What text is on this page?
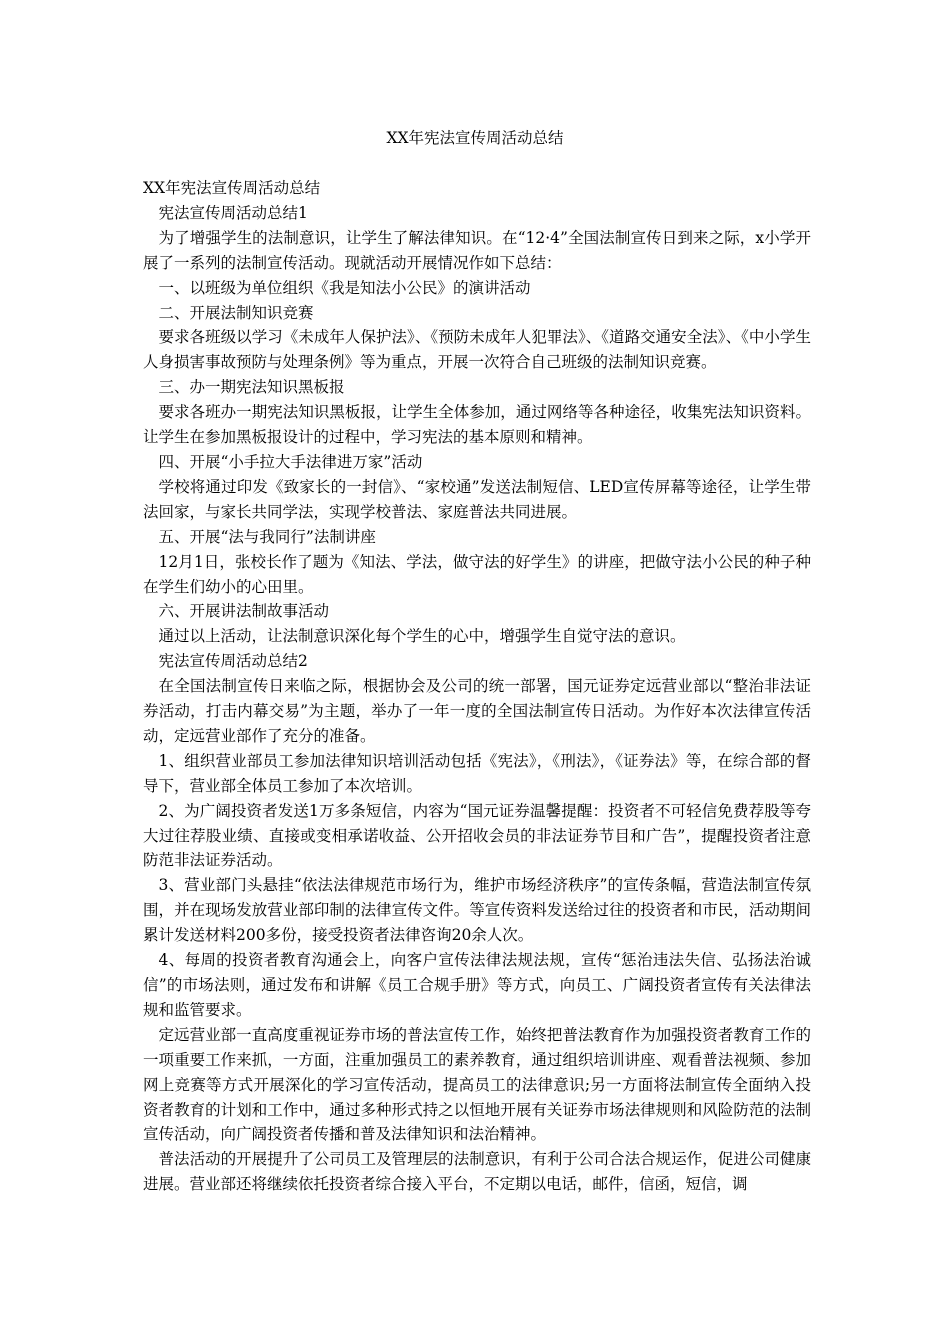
XX年宪法宣传周活动总结

XX年宪法宣传周活动总结

宪法宣传周活动总结1

为了增强学生的法制意识，让学生了解法律知识。在“12·4”全国法制宣传日到来之际，x小学开展了一系列的法制宣传活动。现就活动开展情况作如下总结：

一、以班级为单位组织《我是知法小公民》的演讲活动

二、开展法制知识竞赛

要求各班级以学习《未成年人保护法》、《预防未成年人犯罪法》、《道路交通安全法》、《中小学生人身损害事故预防与处理条例》等为重点，开展一次符合自己班级的法制知识竞赛。

三、办一期宪法知识黑板报

要求各班办一期宪法知识黑板报，让学生全体参加，通过网络等各种途径，收集宪法知识资料。让学生在参加黑板报设计的过程中，学习宪法的基本原则和精神。

四、开展“小手拉大手法律进万家”活动

学校将通过印发《致家长的一封信》、“家校通”发送法制短信、LED宣传屏幕等途径，让学生带法回家，与家长共同学法，实现学校普法、家庭普法共同进展。

五、开展“法与我同行”法制讲座

12月1日，张校长作了题为《知法、学法，做守法的好学生》的讲座，把做守法小公民的种子种在学生们幼小的心田里。

六、开展讲法制故事活动

通过以上活动，让法制意识深化每个学生的心中，增强学生自觉守法的意识。

宪法宣传周活动总结2

在全国法制宣传日来临之际，根据协会及公司的统一部署，国元证券定远营业部以“整治非法证券活动，打击内幕交易”为主题，举办了一年一度的全国法制宣传日活动。为作好本次法律宣传活动，定远营业部作了充分的准备。

1、组织营业部员工参加法律知识培训活动包括《宪法》，《刑法》，《证券法》等，在综合部的督导下，营业部全体员工参加了本次培训。

2、为广阔投资者发送1万多条短信，内容为“国元证券温馨提醒：投资者不可轻信免费荐股等夸大过往荐股业绩、直接或变相承诺收益、公开招收会员的非法证券节目和广告”，提醒投资者注意防范非法证券活动。

3、营业部门头悬挂“依法法律规范市场行为，维护市场经济秩序”的宣传条幅，营造法制宣传氛围，并在现场发放营业部印制的法律宣传文件。等宣传资料发送给过往的投资者和市民，活动期间累计发送材料200多份，接受投资者法律咨询20余人次。

4、每周的投资者教育沟通会上，向客户宣传法律法规法规，宣传“惩治违法失信、弘扬法治诚信”的市场法则，通过发布和讲解《员工合规手册》等方式，向员工、广阔投资者宣传有关法律法规和监管要求。

定远营业部一直高度重视证券市场的普法宣传工作，始终把普法教育作为加强投资者教育工作的一项重要工作来抓，一方面，注重加强员工的素养教育，通过组织培训讲座、观看普法视频、参加网上竞赛等方式开展深化的学习宣传活动，提高员工的法律意识;另一方面将法制宣传全面纳入投资者教育的计划和工作中，通过多种形式持之以恒地开展有关证券市场法律规则和风险防范的法制宣传活动，向广阔投资者传播和普及法律知识和法治精神。

普法活动的开展提升了公司员工及管理层的法制意识，有利于公司合法合规运作，促进公司健康进展。营业部还将继续依托投资者综合接入平台，不定期以电话，邮件，信函，短信，调
